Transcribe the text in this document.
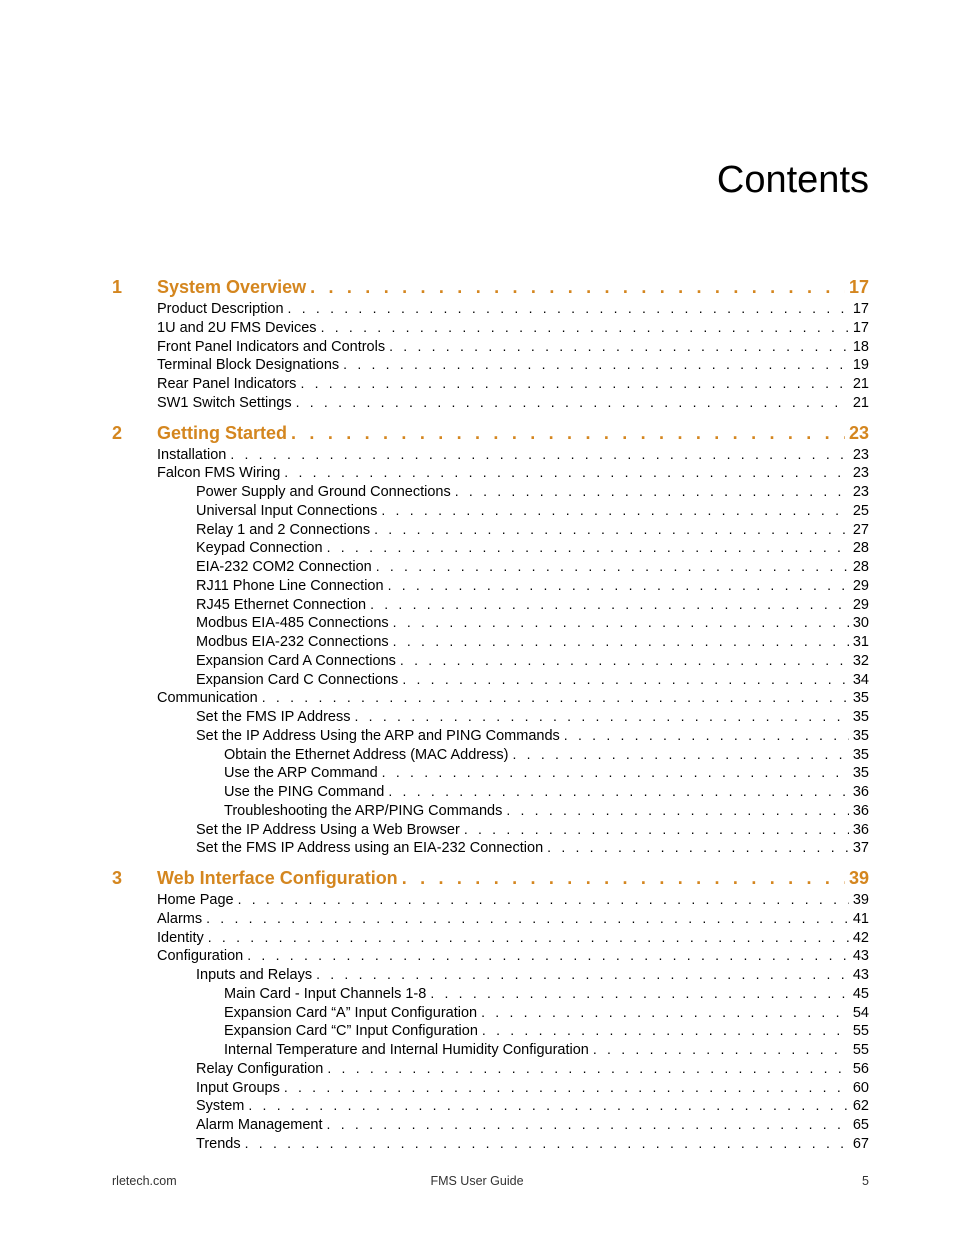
Contents
1 System Overview . . .	17
Product Description . . .	17
1U and 2U FMS Devices . . .	17
Front Panel Indicators and Controls . . .	18
Terminal Block Designations . . .	19
Rear Panel Indicators . . .	21
SW1 Switch Settings . . .	21
2 Getting Started . . .	23
Installation . . .	23
Falcon FMS Wiring . . .	23
Power Supply and Ground Connections . . .	23
Universal Input Connections . . .	25
Relay 1 and 2 Connections . . .	27
Keypad Connection . . .	28
EIA-232 COM2 Connection . . .	28
RJ11 Phone Line Connection . . .	29
RJ45 Ethernet Connection . . .	29
Modbus EIA-485 Connections . . .	30
Modbus EIA-232 Connections . . .	31
Expansion Card A Connections . . .	32
Expansion Card C Connections . . .	34
Communication . . .	35
Set the FMS IP Address . . .	35
Set the IP Address Using the ARP and PING Commands . . .	35
Obtain the Ethernet Address (MAC Address) . . .	35
Use the ARP Command . . .	35
Use the PING Command . . .	36
Troubleshooting the ARP/PING Commands . . .	36
Set the IP Address Using a Web Browser . . .	36
Set the FMS IP Address using an EIA-232 Connection . . .	37
3 Web Interface Configuration . . .	39
Home Page . . .	39
Alarms . . .	41
Identity . . .	42
Configuration . . .	43
Inputs and Relays . . .	43
Main Card - Input Channels 1-8 . . .	45
Expansion Card “A” Input Configuration . . .	54
Expansion Card “C” Input Configuration . . .	55
Internal Temperature and Internal Humidity Configuration . . .	55
Relay Configuration . . .	56
Input Groups . . .	60
System . . .	62
Alarm Management . . .	65
Trends . . .	67
rletech.com	FMS User Guide	5
